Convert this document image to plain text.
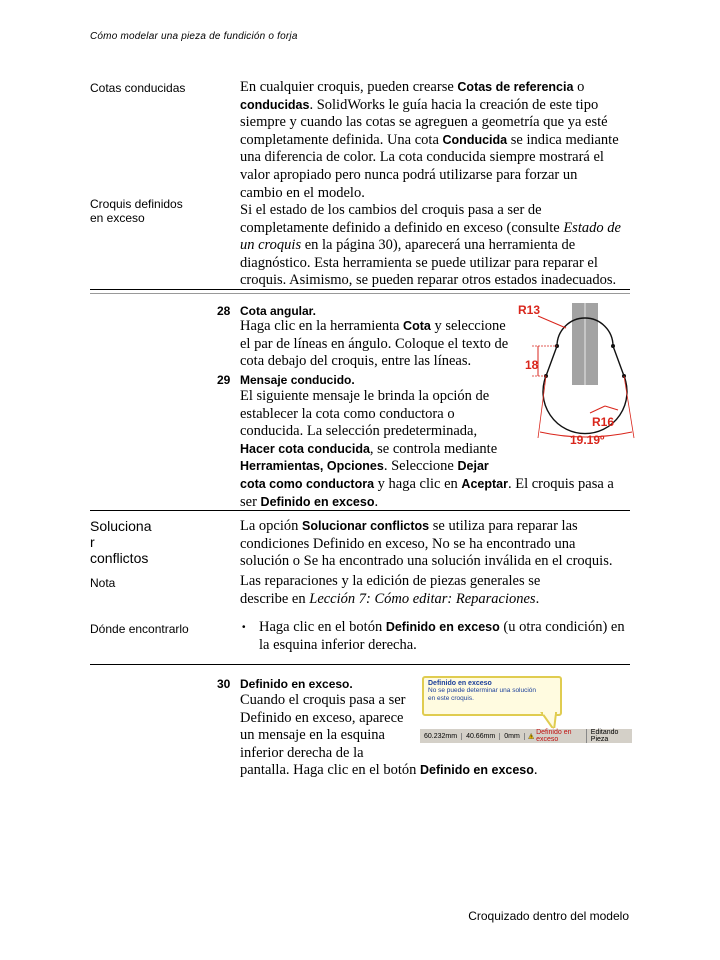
Cómo modelar una pieza de fundición o forja
Cotas conducidas	En cualquier croquis, pueden crearse Cotas de referencia o
conducidas. SolidWorks le guía hacia la creación de este tipo
siempre y cuando las cotas se agreguen a geometría que ya esté
completamente definida. Una cota Conducida se indica mediante
una diferencia de color. La cota conducida siempre mostrará el
valor apropiado pero nunca podrá utilizarse para forzar un
cambio en el modelo.
Croquis definidos
en exceso	Si el estado de los cambios del croquis pasa a ser de
completamente definido a definido en exceso (consulte Estado de
un croquis en la página 30), aparecerá una herramienta de
diagnóstico. Esta herramienta se puede utilizar para reparar el
croquis. Asimismo, se pueden reparar otros estados inadecuados.
28 Cota angular.
Haga clic en la herramienta Cota y seleccione
el par de líneas en ángulo. Coloque el texto de
cota debajo del croquis, entre las líneas.
29 Mensaje conducido.
El siguiente mensaje le brinda la opción de
establecer la cota como conductora o
conducida. La selección predeterminada,
Hacer cota conducida, se controla mediante
Herramientas, Opciones. Seleccione Dejar
cota como conductora y haga clic en Aceptar. El croquis pasa a
ser Definido en exceso.
R13
18
R16
19.19º
Soluciona
r
conflictos
La opción Solucionar conflictos se utiliza para reparar las
condiciones Definido en exceso, No se ha encontrado una
solución o Se ha encontrado una solución inválida en el croquis.
Nota	Las reparaciones y la edición de piezas generales se
describe en Lección 7: Cómo editar: Reparaciones.
Dónde encontrarlo	• Haga clic en el botón Definido en exceso (u otra condición) en
la esquina inferior derecha.
30 Definido en exceso.
Cuando el croquis pasa a ser
Definido en exceso, aparece
un mensaje en la esquina
inferior derecha de la
pantalla. Haga clic en el botón Definido en exceso.
Definido en exceso
No se puede determinar una solución
en este croquis.
60.232mm	40.66mm	0mm	Definido en exceso
Editando Pieza
Croquizado dentro del modelo
